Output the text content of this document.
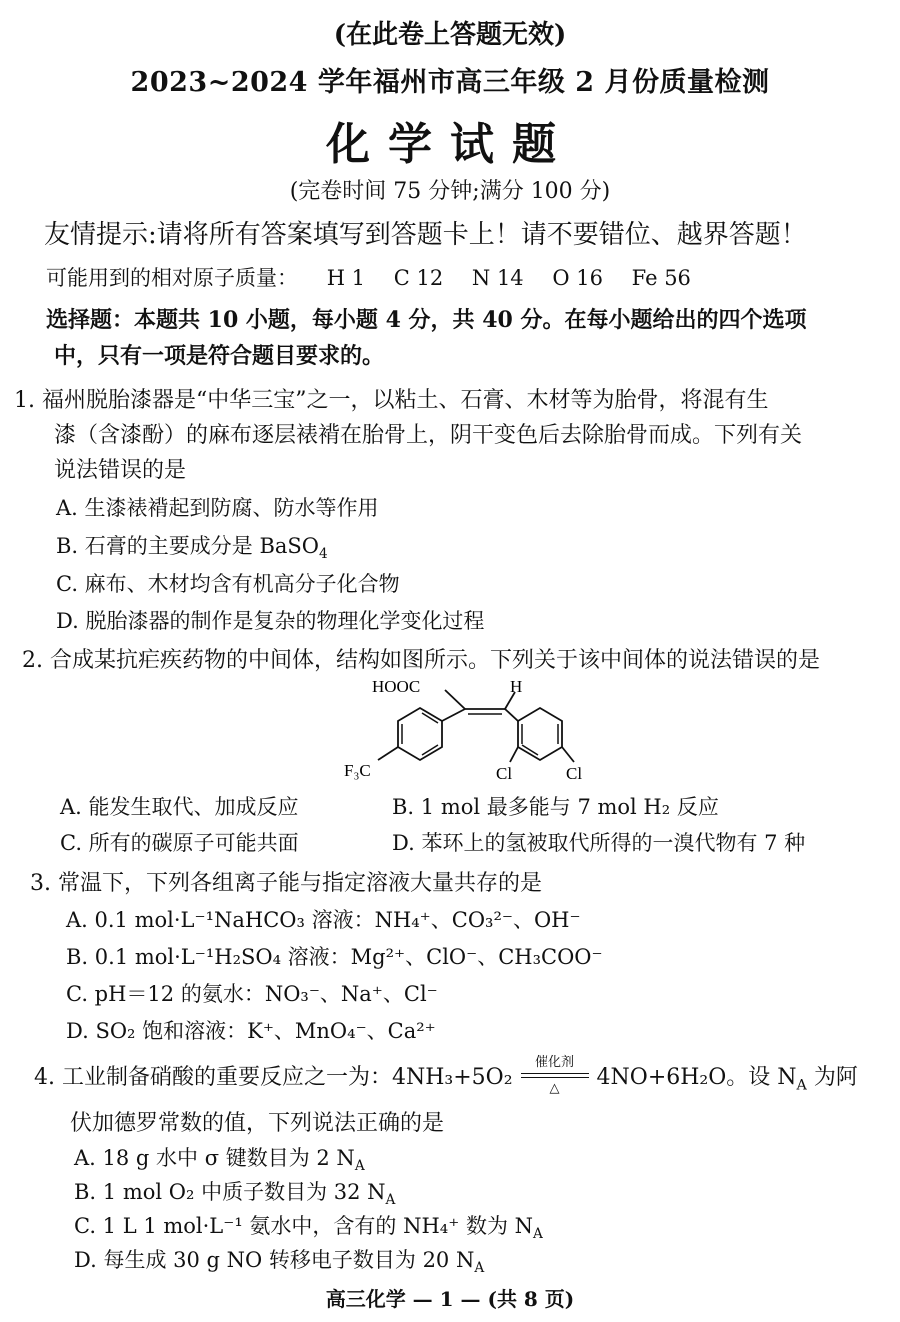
(在此卷上答题无效)
2023~2024 学年福州市高三年级 2 月份质量检测
化学试题
(完卷时间 75 分钟;满分 100 分)
友情提示:请将所有答案填写到答题卡上！请不要错位、越界答题！
可能用到的相对原子质量： H 1 C 12 N 14 O 16 Fe 56
选择题：本题共 10 小题，每小题 4 分，共 40 分。在每小题给出的四个选项
中，只有一项是符合题目要求的。
1. 福州脱胎漆器是“中华三宝”之一，以粘土、石膏、木材等为胎骨，将混有生
漆（含漆酚）的麻布逐层裱褙在胎骨上，阴干变色后去除胎骨而成。下列有关
说法错误的是
A. 生漆裱褙起到防腐、防水等作用
B. 石膏的主要成分是 BaSO$_4$
C. 麻布、木材均含有机高分子化合物
D. 脱胎漆器的制作是复杂的物理化学变化过程
2. 合成某抗疟疾药物的中间体，结构如图所示。下列关于该中间体的说法错误的是
HOOC	H
F₃C	Cl	Cl
A. 能发生取代、加成反应	B. 1 mol 最多能与 7 mol H₂ 反应
C. 所有的碳原子可能共面	D. 苯环上的氢被取代所得的一溴代物有 7 种
3. 常温下，下列各组离子能与指定溶液大量共存的是
A. 0.1 mol·L⁻¹NaHCO₃ 溶液：NH₄⁺、CO₃²⁻、OH⁻
B. 0.1 mol·L⁻¹H₂SO₄ 溶液：Mg²⁺、ClO⁻、CH₃COO⁻
C. pH＝12 的氨水：NO₃⁻、Na⁺、Cl⁻
D. SO₂ 饱和溶液：K⁺、MnO₄⁻、Ca²⁺
4. 工业制备硝酸的重要反应之一为：4NH₃+5O₂
催化剂
△	4NO+6H₂O。设 $N_A$ 为阿
伏加德罗常数的值，下列说法正确的是
A. 18 g 水中 σ 键数目为 2 $N_A$
B. 1 mol O₂ 中质子数目为 32 $N_A$
C. 1 L 1 mol·L⁻¹ 氨水中，含有的 NH₄⁺ 数为 $N_A$
D. 每生成 30 g NO 转移电子数目为 20 $N_A$
高三化学 — 1 — (共 8 页)
